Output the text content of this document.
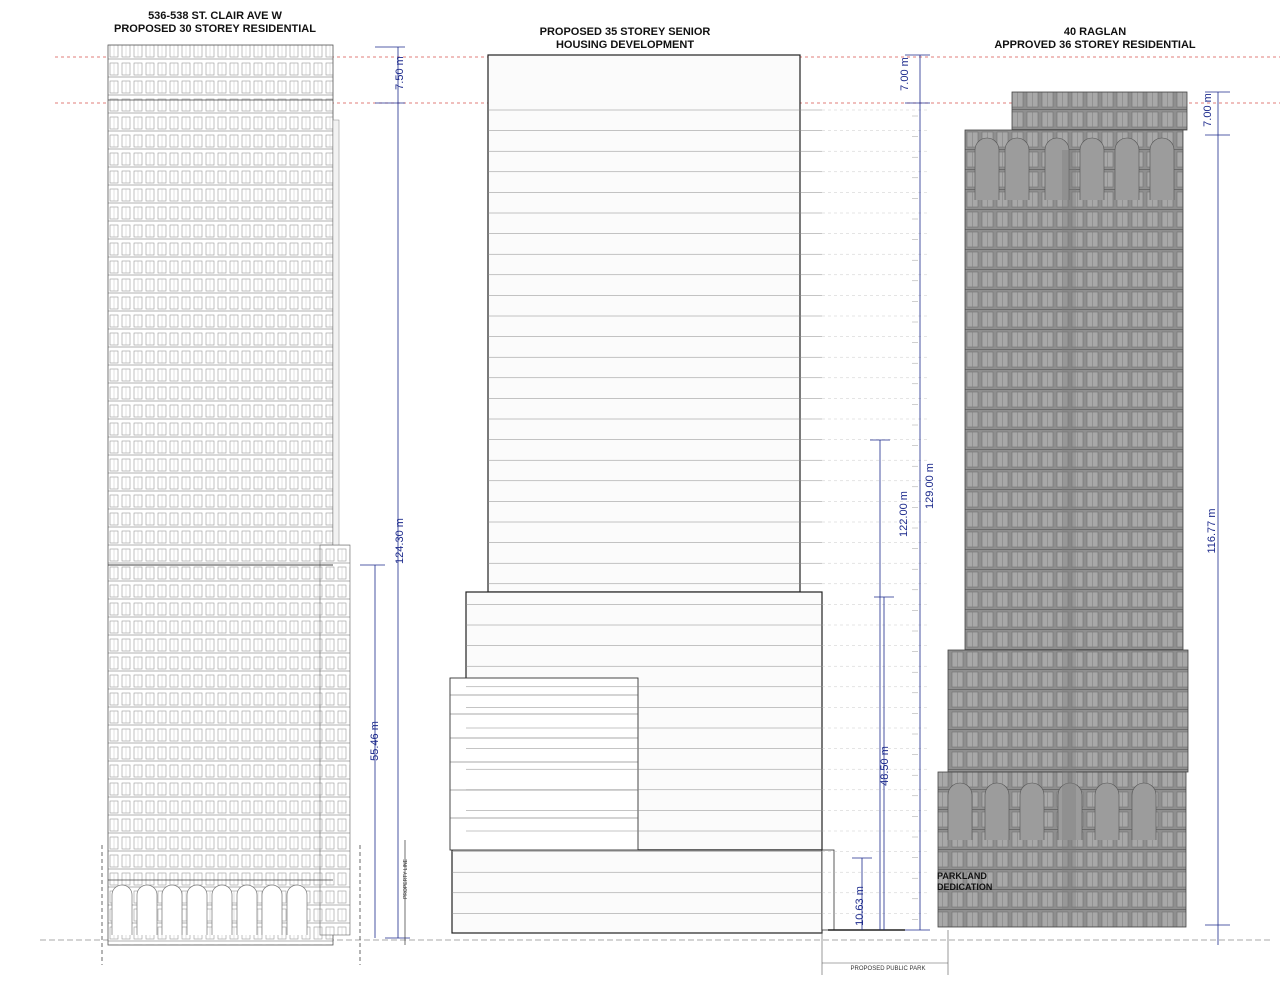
536-538 ST. CLAIR AVE W
PROPOSED 30 STOREY RESIDENTIAL	PROPOSED 35 STOREY SENIOR
HOUSING DEVELOPMENT
40 RAGLAN
APPROVED 36 STOREY RESIDENTIAL
7.50 m
124.30 m
55.46 m
PROPERTY LINE
7.00 m
129.00 m
122.00 m
48.50 m
10.63 m
7.00 m
116.77 m
PARKLAND
DEDICATION
PROPOSED PUBLIC PARK
